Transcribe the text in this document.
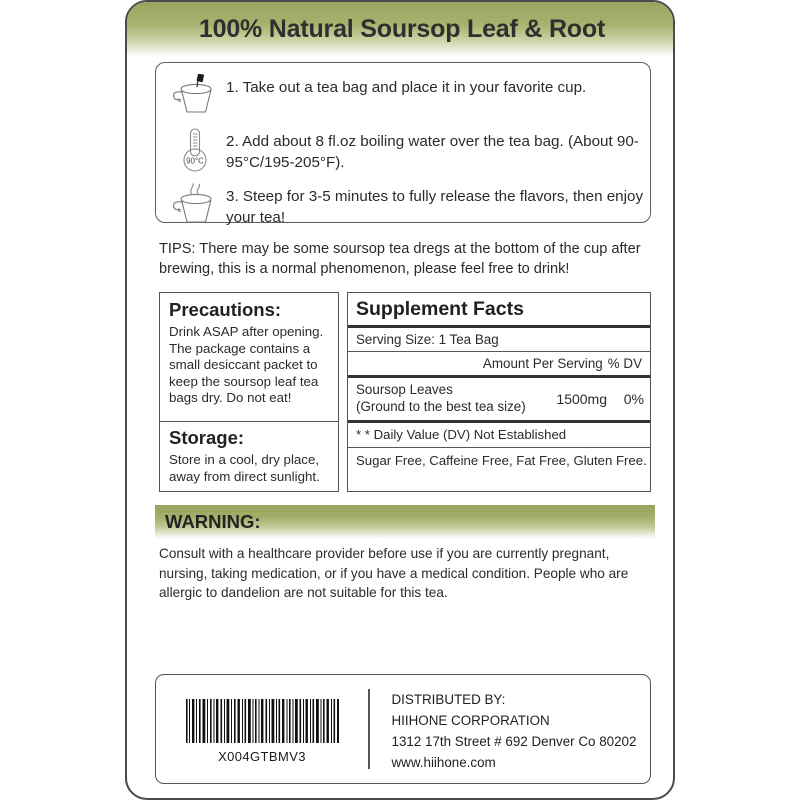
100% Natural Soursop Leaf & Root
1. Take out a tea bag and place it in your favorite cup.
90°C
2. Add about 8 fl.oz boiling water over the tea bag. (About 90-95°C/195-205°F).
3. Steep for 3-5 minutes to fully release the flavors, then enjoy your tea!
TIPS: There may be some soursop tea dregs at the bottom of the cup after brewing, this is a normal phenomenon, please feel free to drink!
Precautions:
Drink ASAP after opening. The package contains a small desiccant packet to keep the soursop leaf tea bags dry. Do not eat!
Storage:
Store in a cool, dry place, away from direct sunlight.
Supplement Facts
Serving Size: 1 Tea Bag
Amount Per Serving % DV
Soursop Leaves
(Ground to the best tea size)	1500mg	0%
* * Daily Value (DV) Not Established
Sugar Free, Caffeine Free, Fat Free, Gluten Free.
WARNING:
Consult with a healthcare provider before use if you are currently pregnant, nursing, taking medication, or if you have a medical condition. People who are allergic to dandelion are not suitable for this tea.
X004GTBMV3
DISTRIBUTED BY:
HIIHONE CORPORATION
1312 17th Street # 692 Denver Co 80202
www.hiihone.com
